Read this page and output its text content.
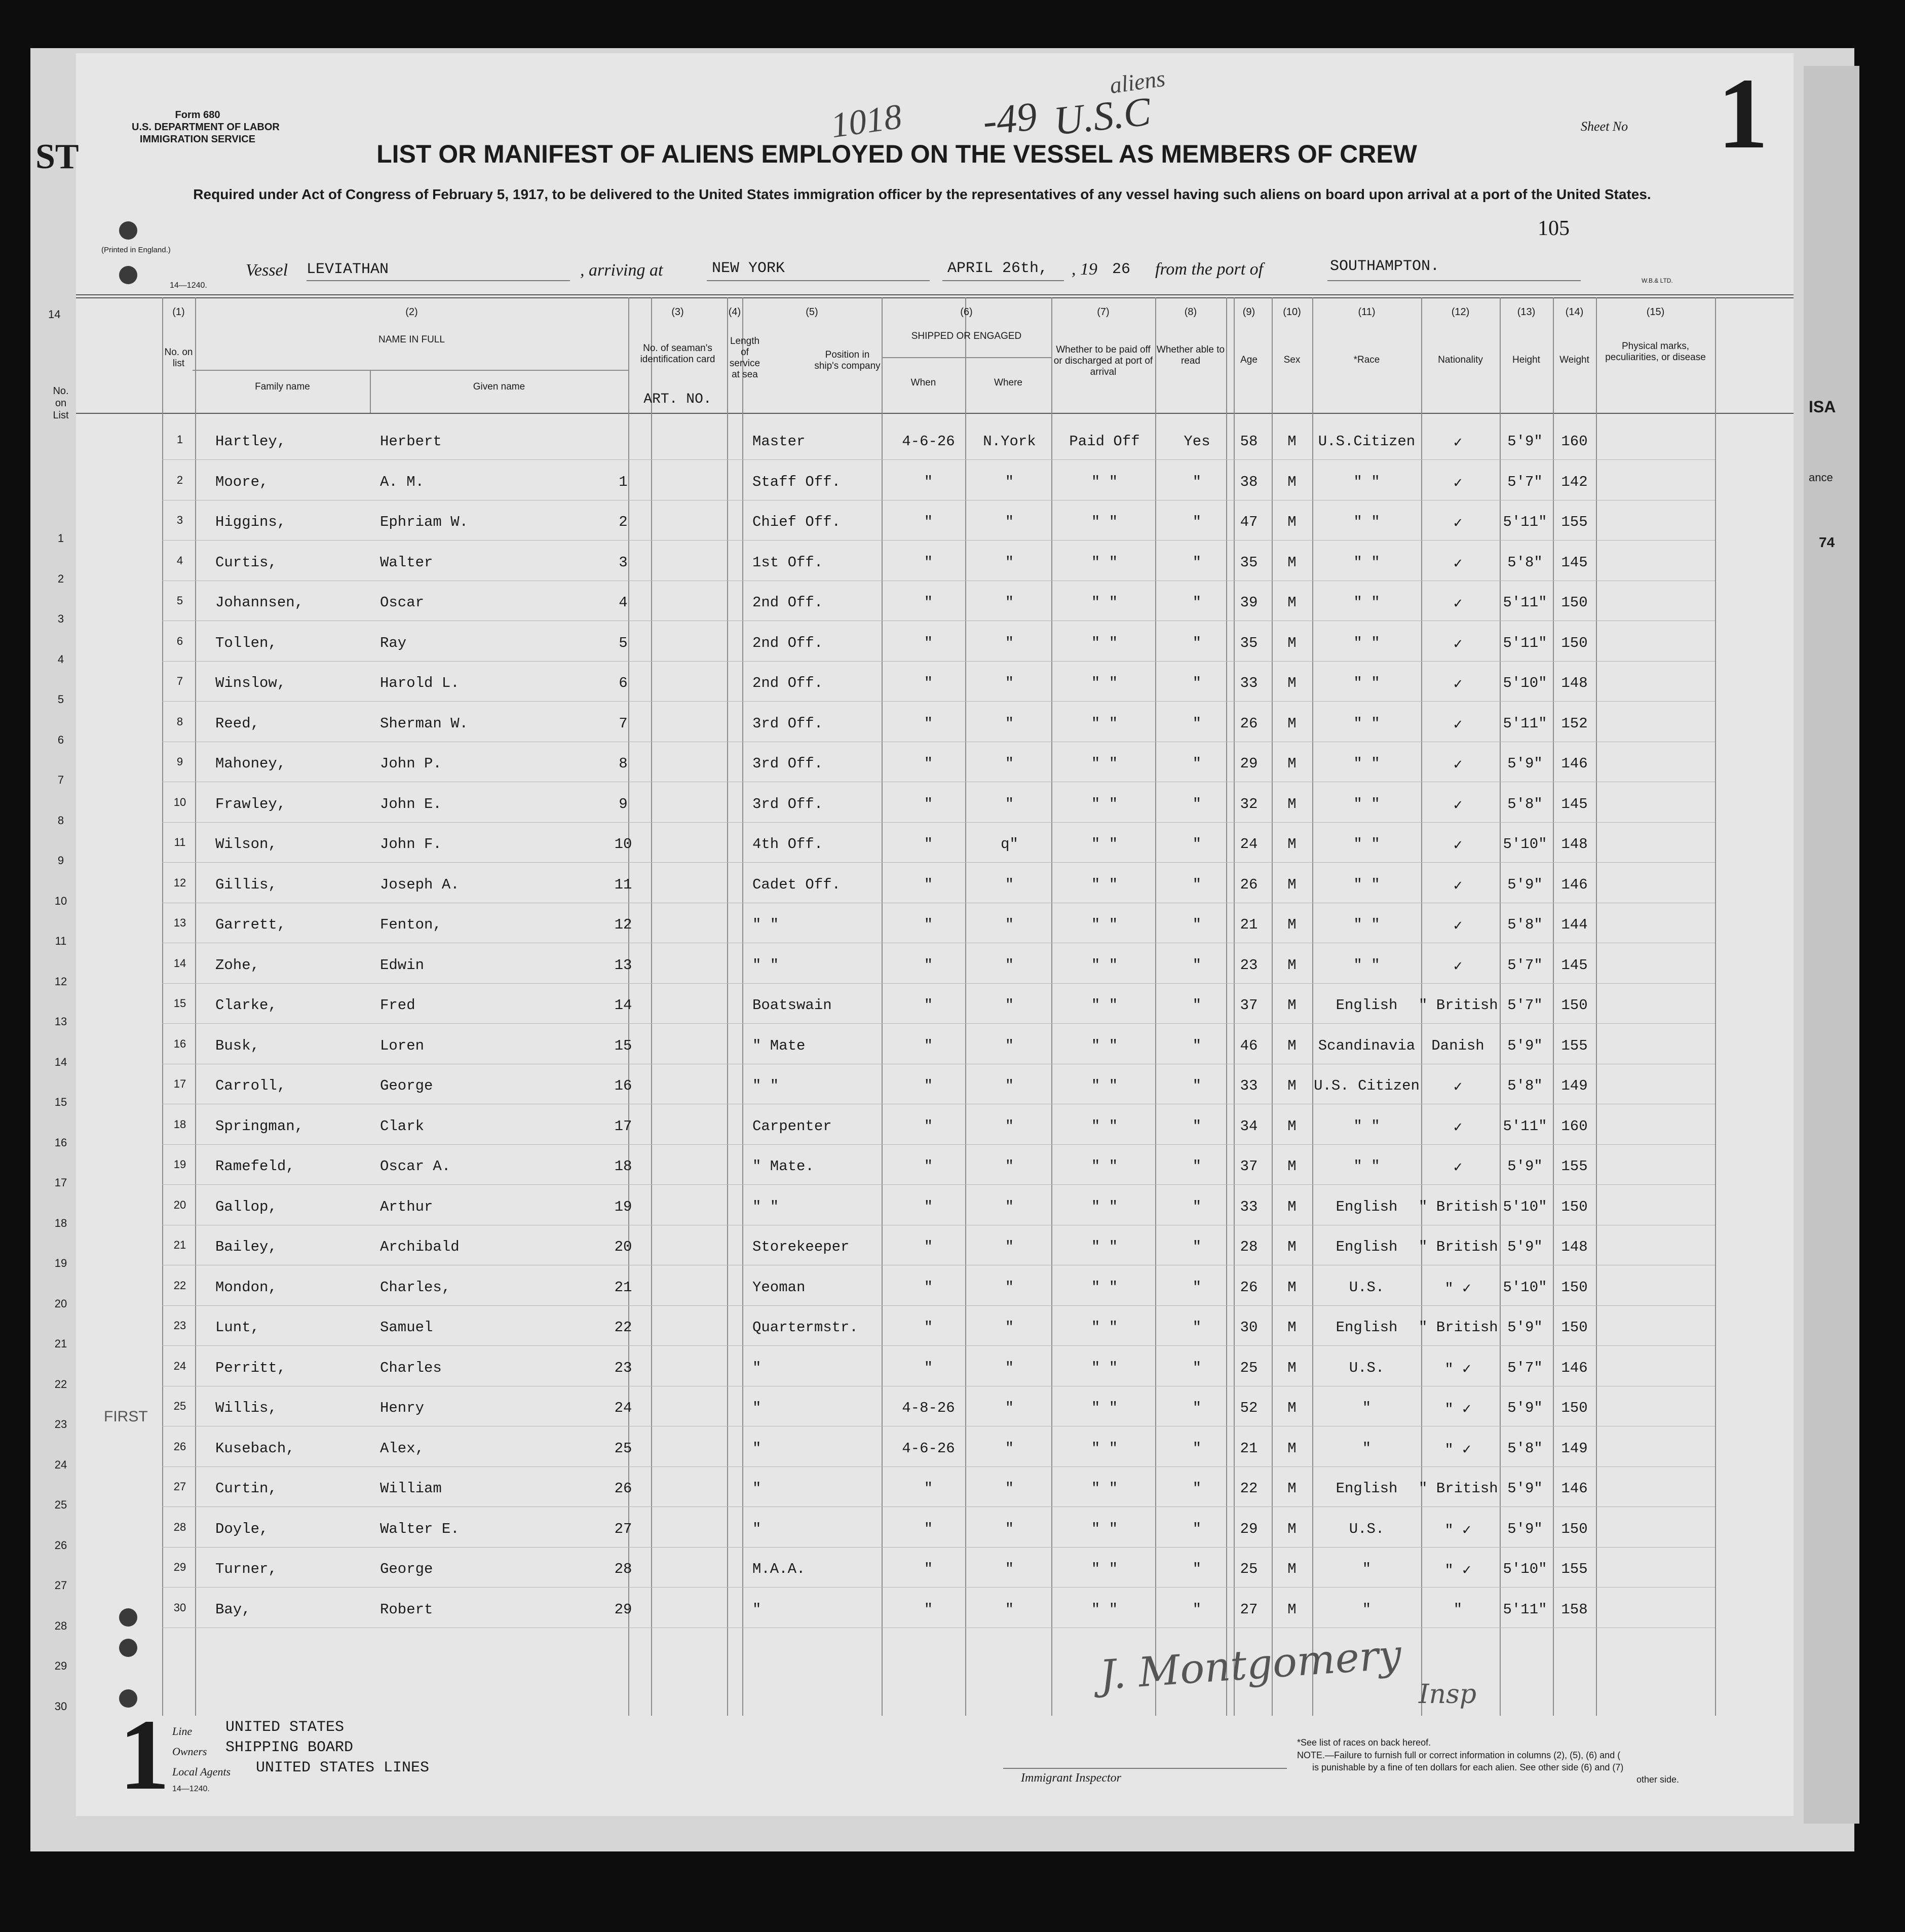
Form 680
U.S. DEPARTMENT OF LABOR
IMMIGRATION SERVICE
(Printed in England.)
14—1240.
W.B.& LTD.
1018 -49 U.S.C
aliens
LIST OR MANIFEST OF ALIENS EMPLOYED ON THE VESSEL AS MEMBERS OF CREW
Required under Act of Congress of February 5, 1917, to be delivered to the United States immigration officer by the representatives of any vessel having such aliens on board upon arrival at a port of the United States.
Sheet No 1
105
Vessel LEVIATHAN	, arriving at	NEW YORK	APRIL 26th, , 19 26 from the port of	SOUTHAMPTON.
(1)
No. on list
(2)
NAME IN FULL
Family name	Given name
(3)
No. of seaman's identification card
ART. NO.
(4)
Length of service at sea
(5)
Position in ship's company
(6)
SHIPPED OR ENGAGED
When	Where
(7)
Whether to be paid off or discharged at port of arrival
(8)
Whether able to read
(9)
Age
(10)
Sex
(11)
*Race
(12)
Nationality
(13)
Height
(14)
Weight
(15)
Physical marks, peculiarities, or disease
1	Hartley,	Herbert	Master	4-6-26	N.York	Paid Off	Yes	58	M	U.S.Citizen	✓	5'9"	160
2	Moore,	A. M.	1	Staff Off.	"	"	" "	"	38	M	" "	✓	5'7"	142
3	Higgins,	Ephriam W.	2	Chief Off.	"	"	" "	"	47	M	" "	✓	5'11" 155
4	Curtis,	Walter	3	1st Off.	"	"	" "	"	35	M	" "	✓	5'8"	145
5	Johannsen,	Oscar	4	2nd Off.	"	"	" "	"	39	M	" "	✓	5'11" 150
6	Tollen,	Ray	5	2nd Off.	"	"	" "	"	35	M	" "	✓	5'11" 150
7	Winslow,	Harold L.	6	2nd Off.	"	"	" "	"	33	M	" "	✓	5'10" 148
8	Reed,	Sherman W.	7	3rd Off.	"	"	" "	"	26	M	" "	✓	5'11" 152
9	Mahoney,	John P.	8	3rd Off.	"	"	" "	"	29	M	" "	✓	5'9"	146
10	Frawley,	John E.	9	3rd Off.	"	"	" "	"	32	M	" "	✓	5'8"	145
11	Wilson,	John F.	10	4th Off.	"	q"	" "	"	24	M	" "	✓	5'10" 148
12	Gillis,	Joseph A.	11	Cadet Off.	"	"	" "	"	26	M	" "	✓	5'9"	146
13	Garrett,	Fenton,	12	" "	"	"	" "	"	21	M	" "	✓	5'8"	144
14	Zohe,	Edwin	13	" "	"	"	" "	"	23	M	" "	✓	5'7"	145
15	Clarke,	Fred	14	Boatswain	"	"	" "	"	37	M	English	" British 5'7"	150
16	Busk,	Loren	15	" Mate	"	"	" "	"	46	M	Scandinavia	Danish	5'9"	155
17	Carroll,	George	16	" "	"	"	" "	"	33	M	U.S. Citizen	✓	5'8"	149
18	Springman,	Clark	17	Carpenter	"	"	" "	"	34	M	" "	✓	5'11" 160
19	Ramefeld,	Oscar A.	18	" Mate.	"	"	" "	"	37	M	" "	✓	5'9"	155
20	Gallop,	Arthur	19	" "	"	"	" "	"	33	M	English	" British 5'10" 150
21	Bailey,	Archibald	20	Storekeeper	"	"	" "	"	28	M	English	" British 5'9"	148
22	Mondon,	Charles,	21	Yeoman	"	"	" "	"	26	M	U.S.	" ✓	5'10" 150
23	Lunt,	Samuel	22	Quartermstr.	"	"	" "	"	30	M	English	" British 5'9"	150
24	Perritt,	Charles	23	"	"	"	" "	"	25	M	U.S.	" ✓	5'7"	146
25	Willis,	Henry	24	"	4-8-26	"	" "	"	52	M	"	" ✓	5'9"	150
26	Kusebach,	Alex,	25	"	4-6-26	"	" "	"	21	M	"	" ✓	5'8"	149
27	Curtin,	William	26	"	"	"	" "	"	22	M	English	" British 5'9"	146
28	Doyle,	Walter E.	27	"	"	"	" "	"	29	M	U.S.	" ✓	5'9"	150
29	Turner,	George	28	M.A.A.	"	"	" "	"	25	M	"	" ✓	5'10" 155
30	Bay,	Robert	29	"	"	"	" "	"	27	M	"	"	5'11" 158
FIRST
J. Montgomery Insp
1 Line UNITED STATES
Owners SHIPPING BOARD
Local Agents UNITED STATES LINES
14—1240.
Immigrant Inspector
*See list of races on back hereof.
NOTE.—Failure to furnish full or correct information in columns (2), (5), (6) and (
is punishable by a fine of ten dollars for each alien. See other side (6) and (7)
other side.
ST
14
No. on List
1
2
3
4
5
6
7
8
9
10
11
12
13
14
15
16
17
18
19
20
21
22
23
24
25
26
27
28
29
30
ISA
ance
74
